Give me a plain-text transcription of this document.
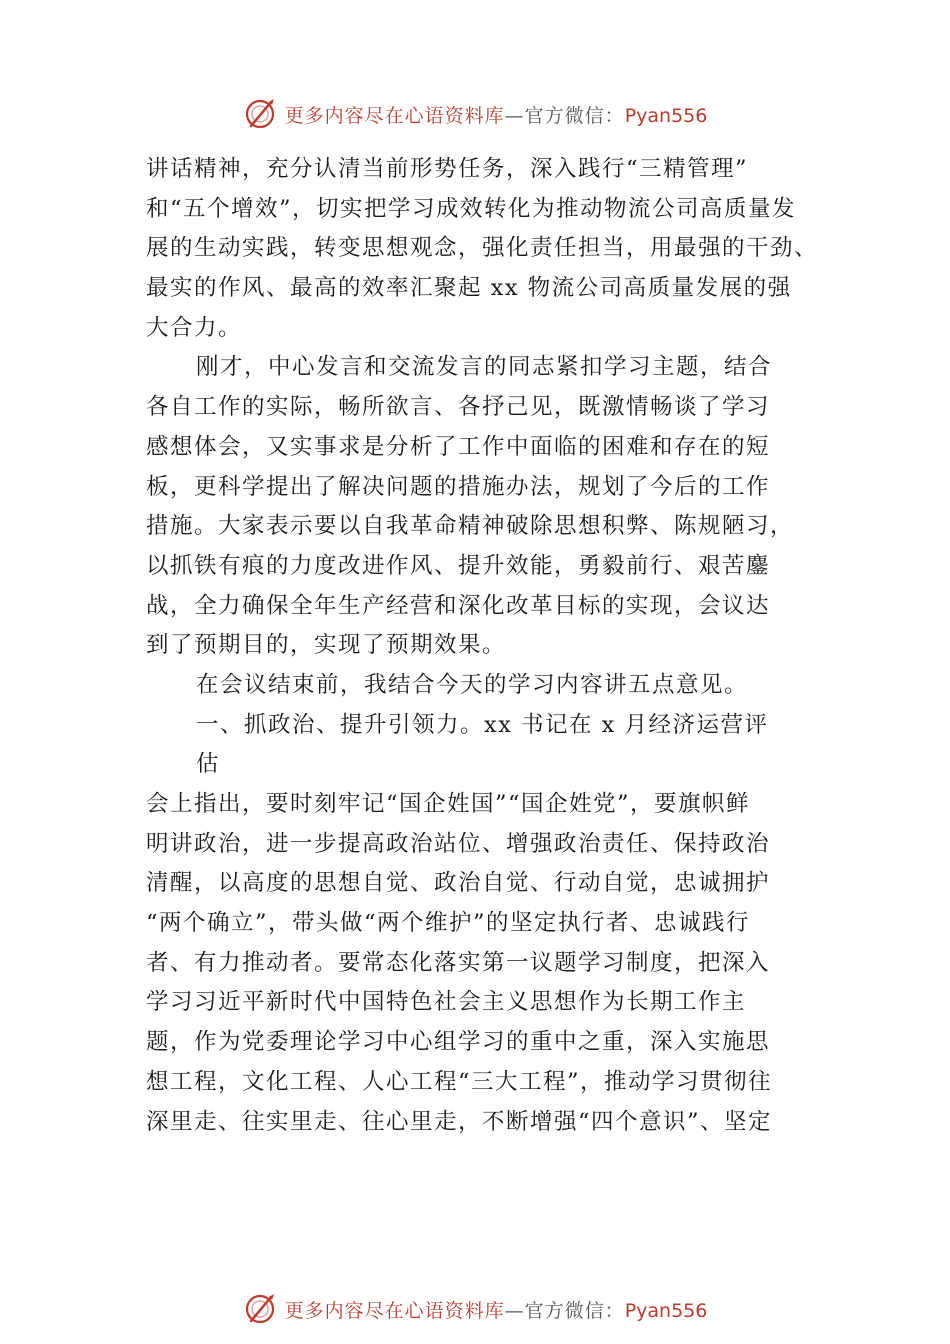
更多内容尽在心语资料库—官方微信：Pyan556
讲话精神，充分认清当前形势任务，深入践行“三精管理”
和“五个增效”，切实把学习成效转化为推动物流公司高质量发
展的生动实践，转变思想观念，强化责任担当，用最强的干劲、
最实的作风、最高的效率汇聚起 xx 物流公司高质量发展的强
大合力。
刚才，中心发言和交流发言的同志紧扣学习主题，结合
各自工作的实际，畅所欲言、各抒己见，既激情畅谈了学习
感想体会，又实事求是分析了工作中面临的困难和存在的短
板，更科学提出了解决问题的措施办法，规划了今后的工作
措施。大家表示要以自我革命精神破除思想积弊、陈规陋习，
以抓铁有痕的力度改进作风、提升效能，勇毅前行、艰苦鏖
战，全力确保全年生产经营和深化改革目标的实现，会议达
到了预期目的，实现了预期效果。
在会议结束前，我结合今天的学习内容讲五点意见。
一、抓政治、提升引领力。xx 书记在 x 月经济运营评
估
会上指出，要时刻牢记“国企姓国”“国企姓党”，要旗帜鲜
明讲政治，进一步提高政治站位、增强政治责任、保持政治
清醒，以高度的思想自觉、政治自觉、行动自觉，忠诚拥护
“两个确立”，带头做“两个维护”的坚定执行者、忠诚践行
者、有力推动者。要常态化落实第一议题学习制度，把深入
学习习近平新时代中国特色社会主义思想作为长期工作主
题，作为党委理论学习中心组学习的重中之重，深入实施思
想工程，文化工程、人心工程“三大工程”，推动学习贯彻往
深里走、往实里走、往心里走，不断增强“四个意识”、坚定
更多内容尽在心语资料库—官方微信：Pyan556
